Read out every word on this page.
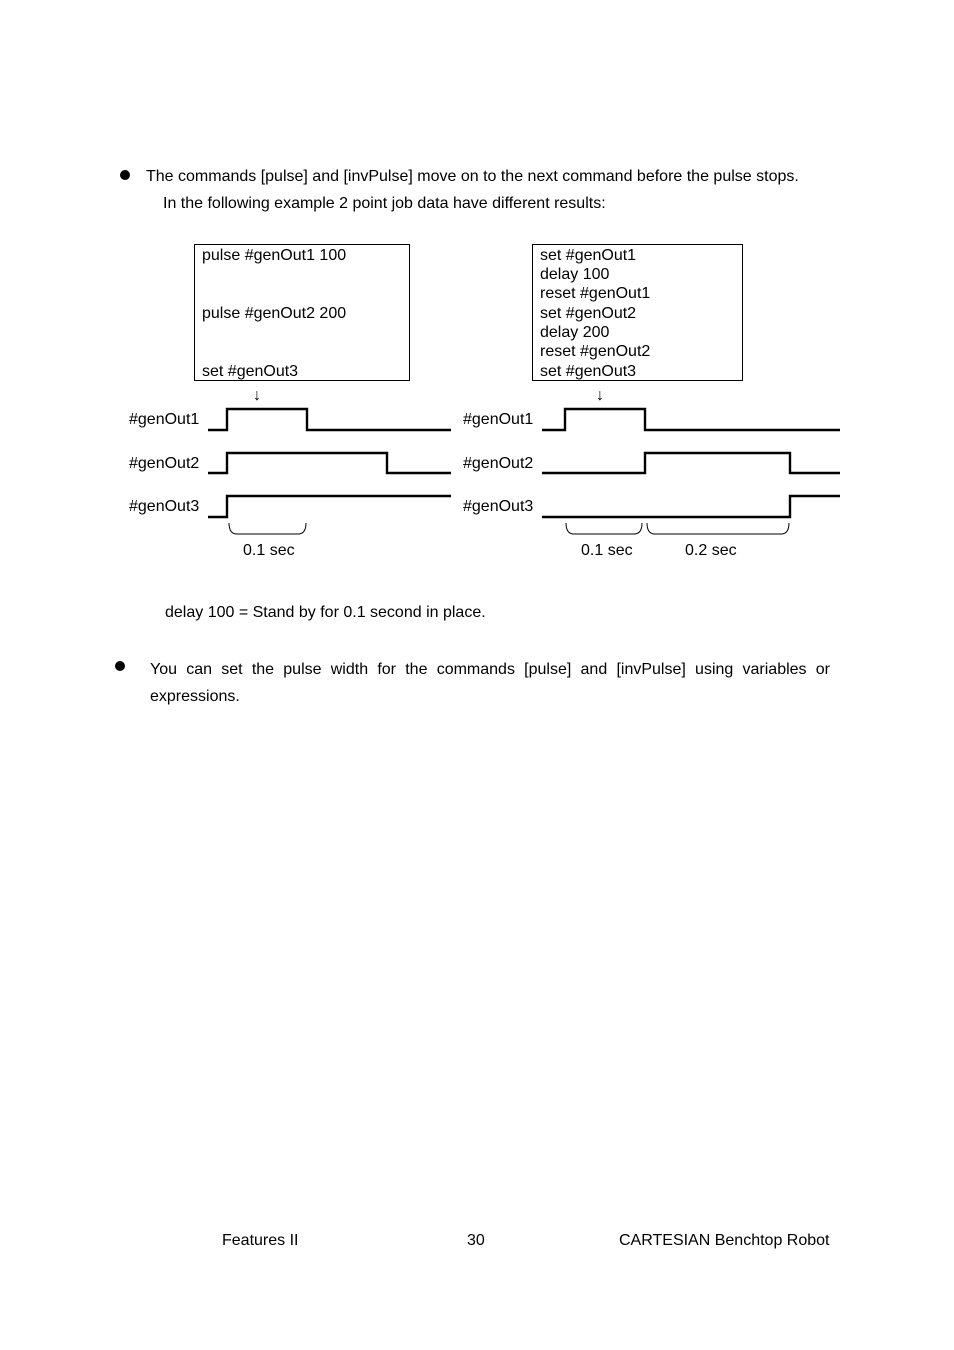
The commands [pulse] and [invPulse] move on to the next command before the pulse stops.
In the following example 2 point job data have different results:
pulse #genOut1 100
pulse #genOut2 200
set #genOut3
↓
set #genOut1
delay 100
reset #genOut1
set #genOut2
delay 200
reset #genOut2
set #genOut3
↓
#genOut1
#genOut2
#genOut3
#genOut1
#genOut2
#genOut3
0.1 sec	0.1 sec	0.2 sec
delay 100 = Stand by for 0.1 second in place.
You can set the pulse width for the commands [pulse] and [invPulse] using variables or expressions.
Features II	30	CARTESIAN Benchtop Robot
